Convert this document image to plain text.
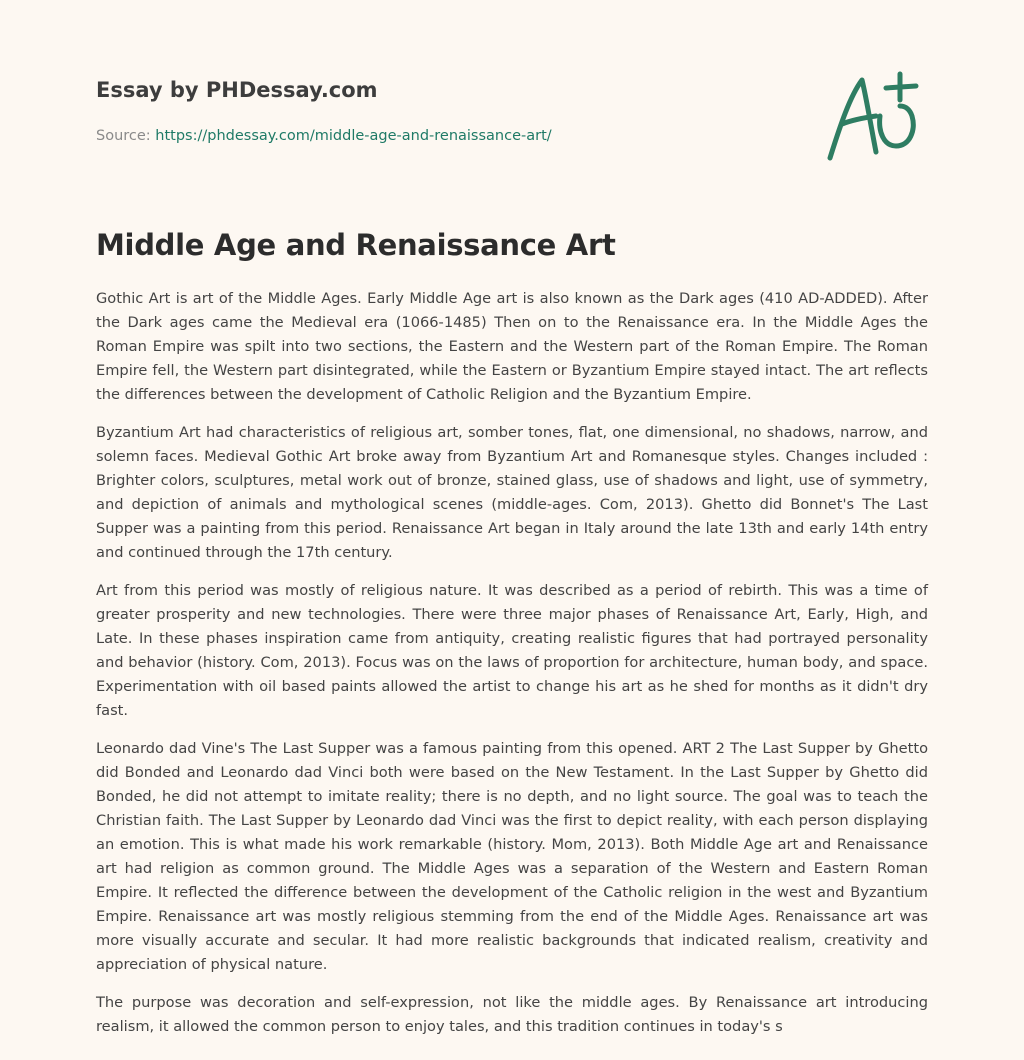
Essay by PHDessay.com
Source: https://phdessay.com/middle-age-and-renaissance-art/
Middle Age and Renaissance Art

Gothic Art is art of the Middle Ages. Early Middle Age art is also known as the Dark ages (410 AD-ADDED). After the Dark ages came the Medieval era (1066-1485) Then on to the Renaissance era. In the Middle Ages the Roman Empire was spilt into two sections, the Eastern and the Western part of the Roman Empire. The Roman Empire fell, the Western part disintegrated, while the Eastern or Byzantium Empire stayed intact. The art reflects the differences between the development of Catholic Religion and the Byzantium Empire.

Byzantium Art had characteristics of religious art, somber tones, flat, one dimensional, no shadows, narrow, and solemn faces. Medieval Gothic Art broke away from Byzantium Art and Romanesque styles. Changes included : Brighter colors, sculptures, metal work out of bronze, stained glass, use of shadows and light, use of symmetry, and depiction of animals and mythological scenes (middle-ages. Com, 2013). Ghetto did Bonnet's The Last Supper was a painting from this period. Renaissance Art began in Italy around the late 13th and early 14th entry and continued through the 17th century.

Art from this period was mostly of religious nature. It was described as a period of rebirth. This was a time of greater prosperity and new technologies. There were three major phases of Renaissance Art, Early, High, and Late. In these phases inspiration came from antiquity, creating realistic figures that had portrayed personality and behavior (history. Com, 2013). Focus was on the laws of proportion for architecture, human body, and space. Experimentation with oil based paints allowed the artist to change his art as he shed for months as it didn't dry fast.

Leonardo dad Vine's The Last Supper was a famous painting from this opened. ART 2 The Last Supper by Ghetto did Bonded and Leonardo dad Vinci both were based on the New Testament. In the Last Supper by Ghetto did Bonded, he did not attempt to imitate reality; there is no depth, and no light source. The goal was to teach the Christian faith. The Last Supper by Leonardo dad Vinci was the first to depict reality, with each person displaying an emotion. This is what made his work remarkable (history. Mom, 2013). Both Middle Age art and Renaissance art had religion as common ground. The Middle Ages was a separation of the Western and Eastern Roman Empire. It reflected the difference between the development of the Catholic religion in the west and Byzantium Empire. Renaissance art was mostly religious stemming from the end of the Middle Ages. Renaissance art was more visually accurate and secular. It had more realistic backgrounds that indicated realism, creativity and appreciation of physical nature.

The purpose was decoration and self-expression, not like the middle ages. By Renaissance art introducing realism, it allowed the common person to enjoy tales, and this tradition continues in today's s
